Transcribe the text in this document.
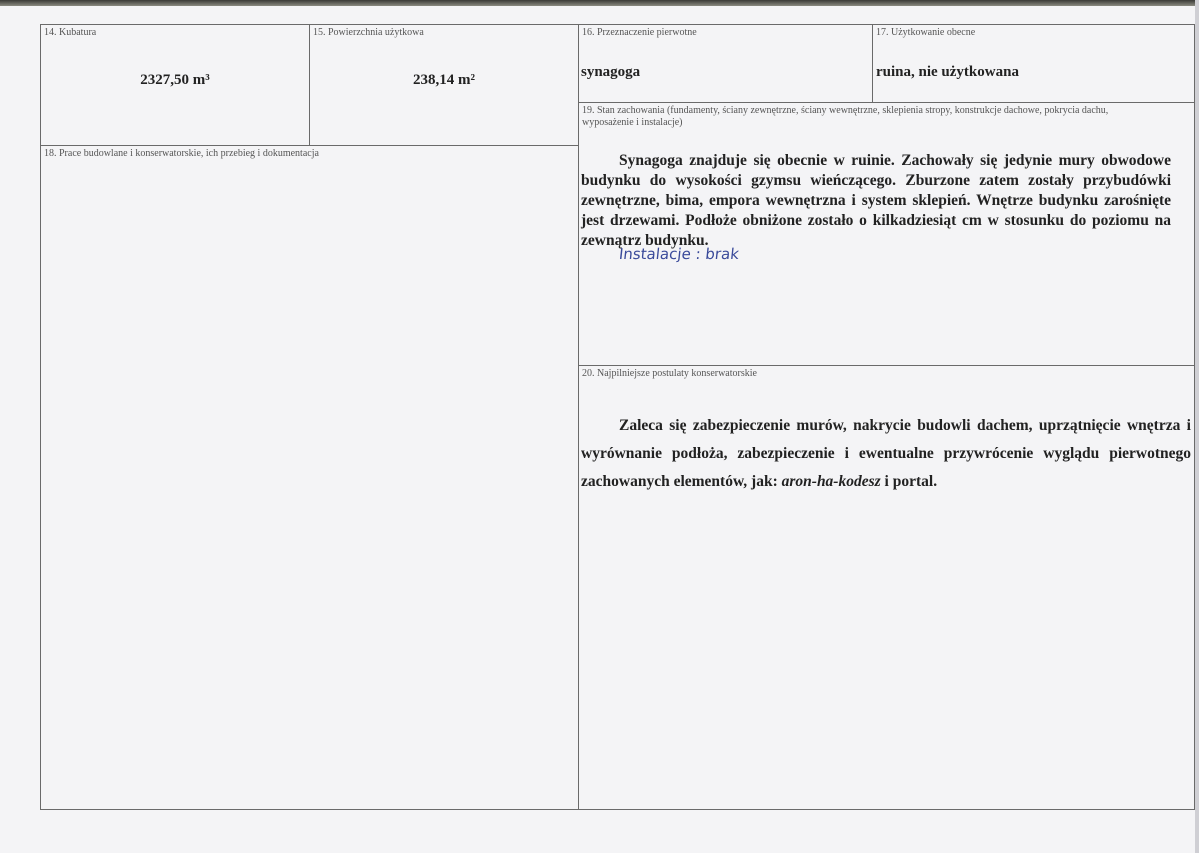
14. Kubatura
2327,50 m³
15. Powierzchnia użytkowa
238,14 m²
16. Przeznaczenie pierwotne
synagoga
17. Użytkowanie obecne
ruina, nie użytkowana
18. Prace budowlane i konserwatorskie, ich przebieg i dokumentacja
19. Stan zachowania (fundamenty, ściany zewnętrzne, ściany wewnętrzne, sklepienia stropy, konstrukcje dachowe, pokrycia dachu, wyposażenie i instalacje)
Synagoga znajduje się obecnie w ruinie. Zachowały się jedynie mury obwodowe budynku do wysokości gzymsu wieńczącego. Zburzone zatem zostały przybudówki zewnętrzne, bima, empora wewnętrzna i system sklepień. Wnętrze budynku zarośnięte jest drzewami. Podłoże obniżone zostało o kilkadziesiąt cm w stosunku do poziomu na zewnątrz budynku.
Instalacje : brak
20. Najpilniejsze postulaty konserwatorskie
Zaleca się zabezpieczenie murów, nakrycie budowli dachem, uprzątnięcie wnętrza i wyrównanie podłoża, zabezpieczenie i ewentualne przywrócenie wyglądu pierwotnego zachowanych elementów, jak: aron-ha-kodesz i portal.
